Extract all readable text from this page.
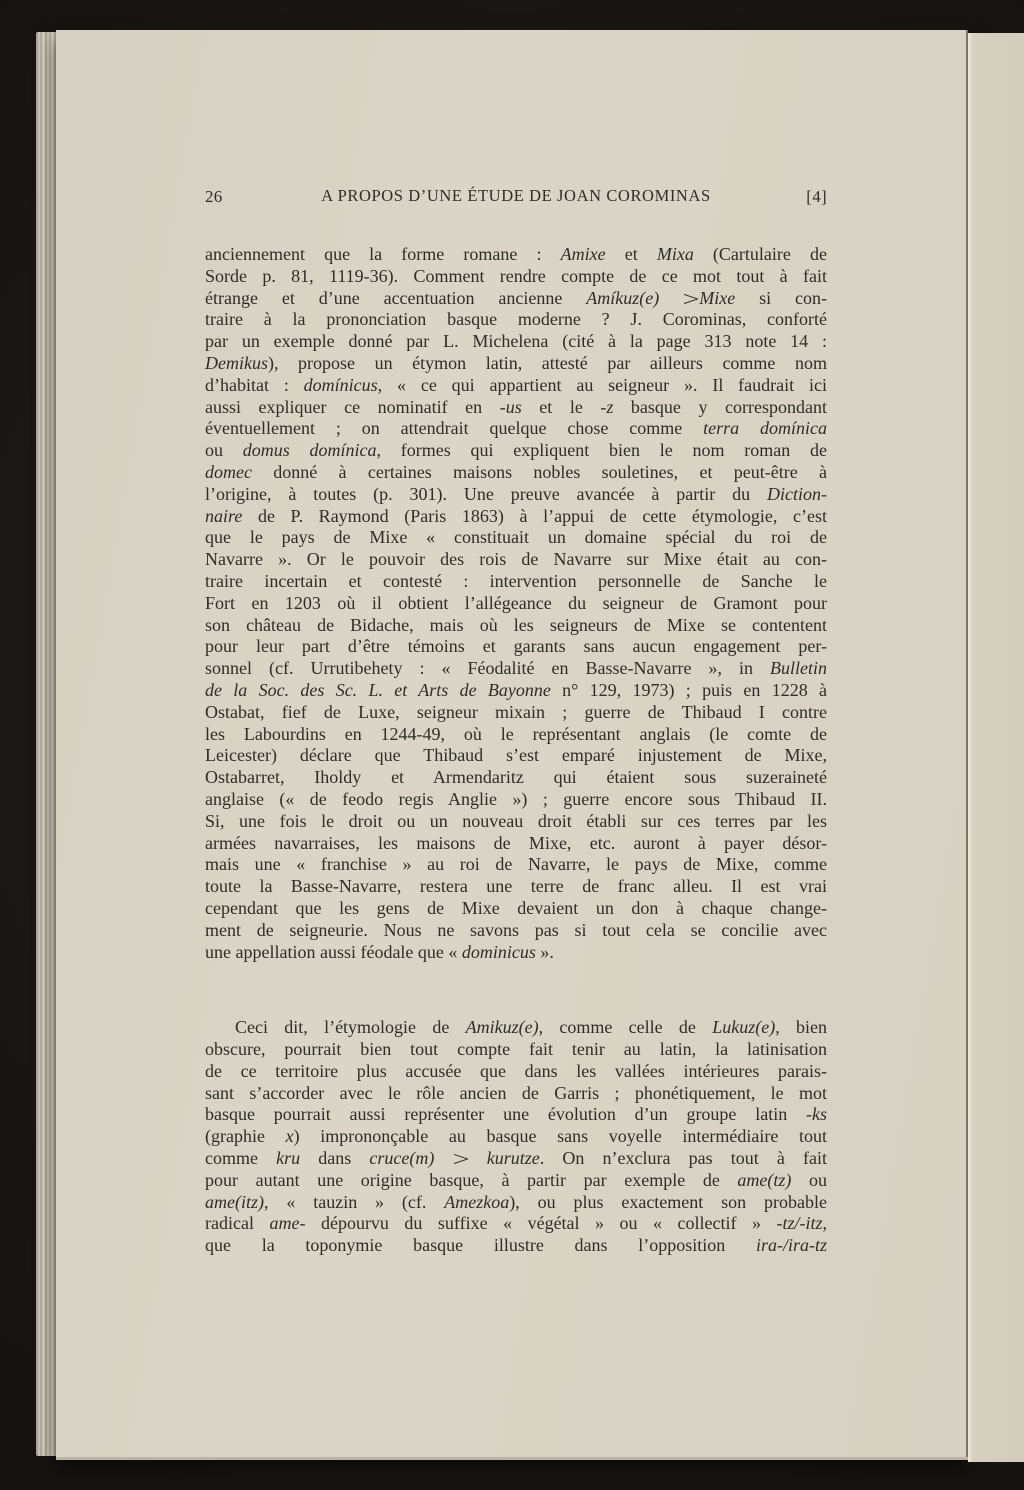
26	A PROPOS D’UNE ÉTUDE DE JOAN COROMINAS	[4]
anciennement que la forme romane : Amixe et Mixa (Cartulaire de
Sorde p. 81, 1119-36). Comment rendre compte de ce mot tout à fait
étrange et d’une accentuation ancienne Amíkuz(e) >Mixe si con-
traire à la prononciation basque moderne ? J. Corominas, conforté
par un exemple donné par L. Michelena (cité à la page 313 note 14 :
Demikus), propose un étymon latin, attesté par ailleurs comme nom
d’habitat : domínicus, « ce qui appartient au seigneur ». Il faudrait ici
aussi expliquer ce nominatif en -us et le -z basque y correspondant
éventuellement ; on attendrait quelque chose comme terra domínica
ou domus domínica, formes qui expliquent bien le nom roman de
domec donné à certaines maisons nobles souletines, et peut-être à
l’origine, à toutes (p. 301). Une preuve avancée à partir du Diction-
naire de P. Raymond (Paris 1863) à l’appui de cette étymologie, c’est
que le pays de Mixe « constituait un domaine spécial du roi de
Navarre ». Or le pouvoir des rois de Navarre sur Mixe était au con-
traire incertain et contesté : intervention personnelle de Sanche le
Fort en 1203 où il obtient l’allégeance du seigneur de Gramont pour
son château de Bidache, mais où les seigneurs de Mixe se contentent
pour leur part d’être témoins et garants sans aucun engagement per-
sonnel (cf. Urrutibehety : « Féodalité en Basse-Navarre », in Bulletin
de la Soc. des Sc. L. et Arts de Bayonne n° 129, 1973) ; puis en 1228 à
Ostabat, fief de Luxe, seigneur mixain ; guerre de Thibaud I contre
les Labourdins en 1244-49, où le représentant anglais (le comte de
Leicester) déclare que Thibaud s’est emparé injustement de Mixe,
Ostabarret, Iholdy et Armendaritz qui étaient sous suzeraineté
anglaise (« de feodo regis Anglie ») ; guerre encore sous Thibaud II.
Si, une fois le droit ou un nouveau droit établi sur ces terres par les
armées navarraises, les maisons de Mixe, etc. auront à payer désor-
mais une « franchise » au roi de Navarre, le pays de Mixe, comme
toute la Basse-Navarre, restera une terre de franc alleu. Il est vrai
cependant que les gens de Mixe devaient un don à chaque change-
ment de seigneurie. Nous ne savons pas si tout cela se concilie avec
une appellation aussi féodale que « dominicus ».
Ceci dit, l’étymologie de Amikuz(e), comme celle de Lukuz(e), bien
obscure, pourrait bien tout compte fait tenir au latin, la latinisation
de ce territoire plus accusée que dans les vallées intérieures parais-
sant s’accorder avec le rôle ancien de Garris ; phonétiquement, le mot
basque pourrait aussi représenter une évolution d’un groupe latin -ks
(graphie x) imprononçable au basque sans voyelle intermédiaire tout
comme kru dans cruce(m) > kurutze. On n’exclura pas tout à fait
pour autant une origine basque, à partir par exemple de ame(tz) ou
ame(itz), « tauzin » (cf. Amezkoa), ou plus exactement son probable
radical ame- dépourvu du suffixe « végétal » ou « collectif » -tz/-itz,
que la toponymie basque illustre dans l’opposition ira-/ira-tz
